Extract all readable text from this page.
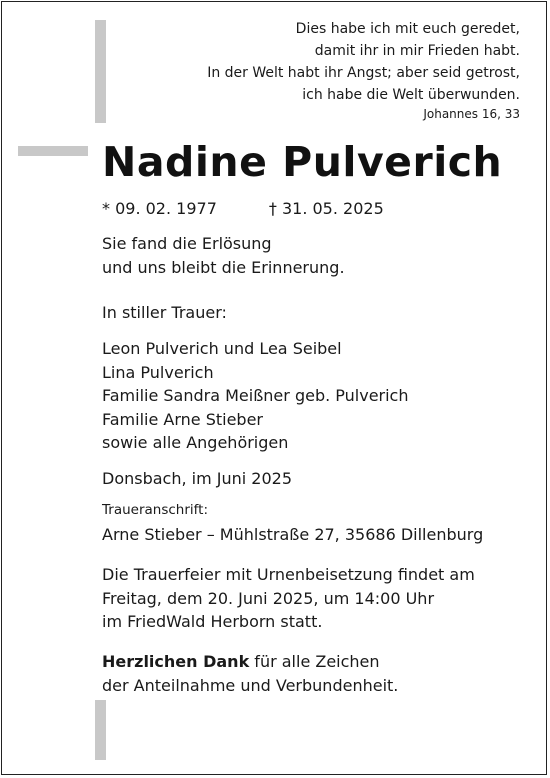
Dies habe ich mit euch geredet,
damit ihr in mir Frieden habt.
In der Welt habt ihr Angst; aber seid getrost,
ich habe die Welt überwunden.
Johannes 16, 33
Nadine Pulverich
* 09. 02. 1977	† 31. 05. 2025
Sie fand die Erlösung
und uns bleibt die Erinnerung.
In stiller Trauer:
Leon Pulverich und Lea Seibel
Lina Pulverich
Familie Sandra Meißner geb. Pulverich
Familie Arne Stieber
sowie alle Angehörigen
Donsbach, im Juni 2025
Traueranschrift:
Arne Stieber – Mühlstraße 27, 35686 Dillenburg
Die Trauerfeier mit Urnenbeisetzung findet am
Freitag, dem 20. Juni 2025, um 14:00 Uhr
im FriedWald Herborn statt.
Herzlichen Dank für alle Zeichen
der Anteilnahme und Verbundenheit.
